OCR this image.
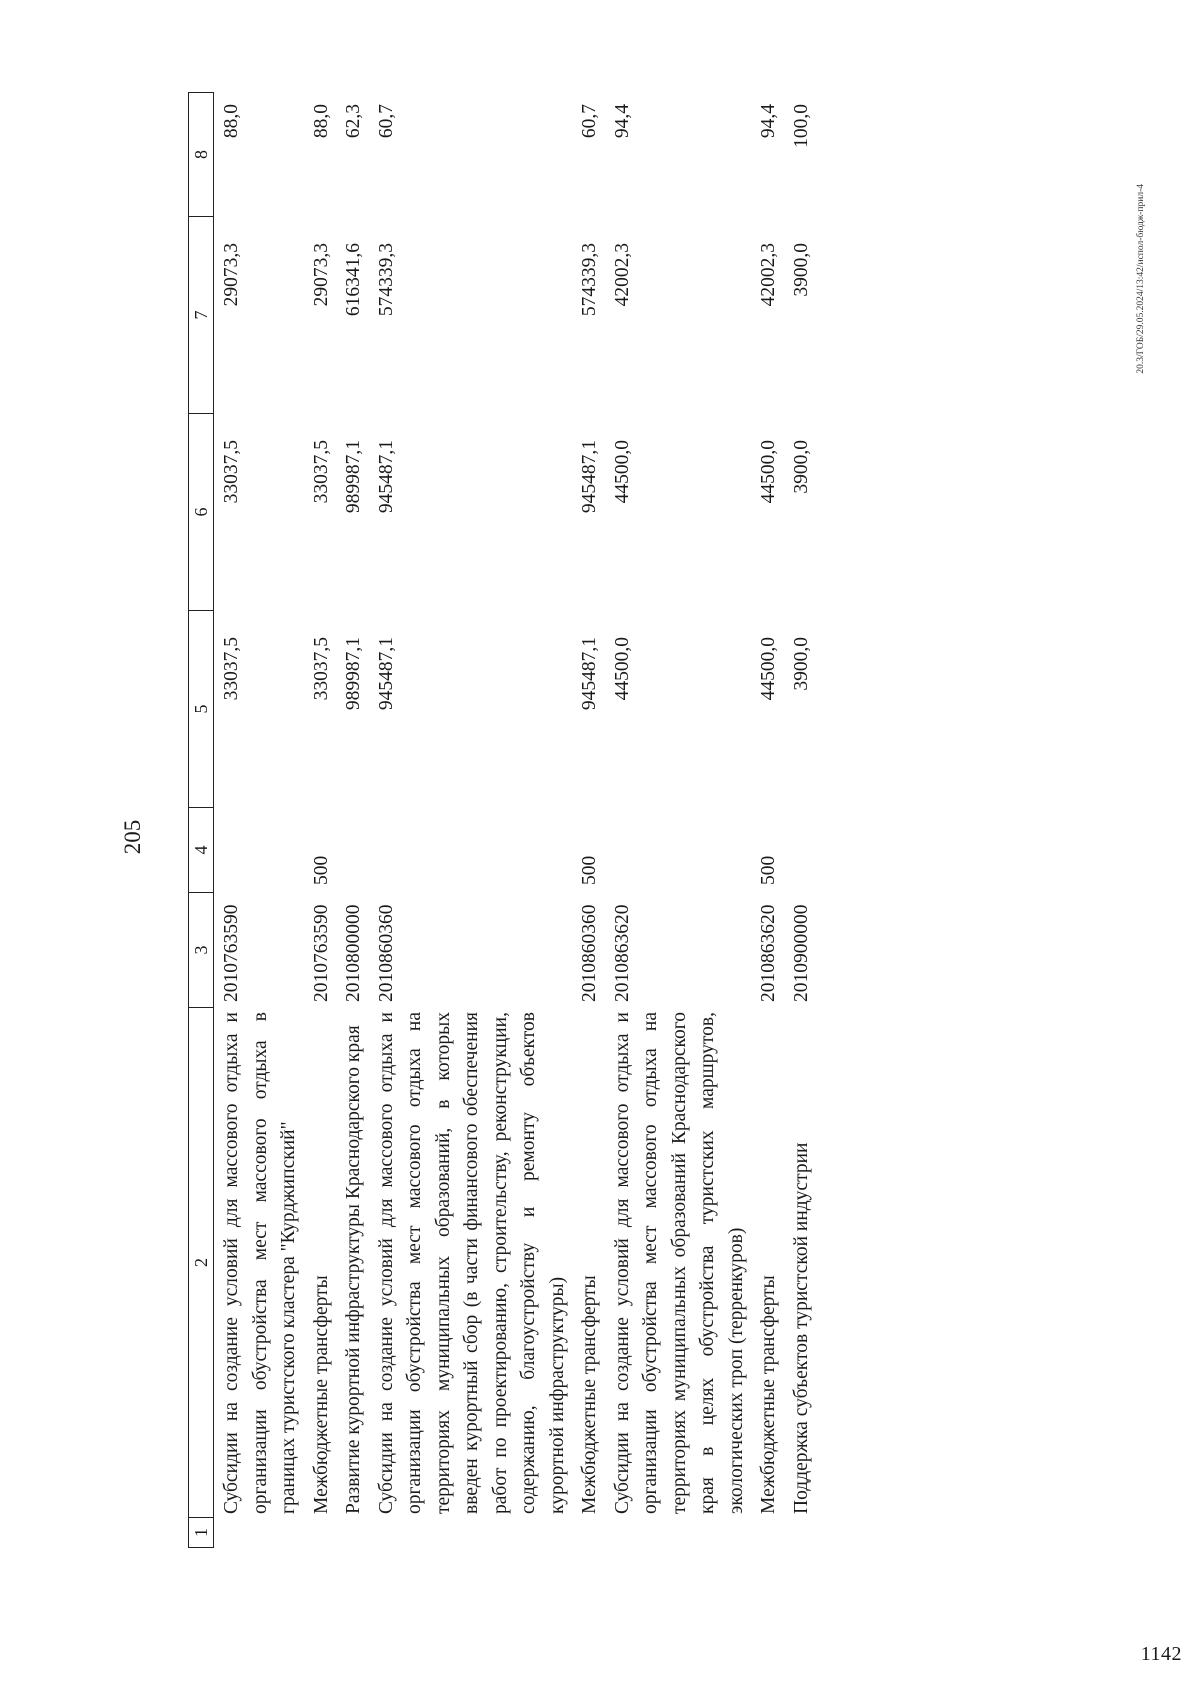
205
1
2
3
4
5
6
7
8
Субсидии на создание условий для массового отдыха и организации обустройства мест массового отдыха в границах туристского кластера "Курджипский"
2010763590
33037,5
33037,5
29073,3
88,0
Межбюджетные трансферты
2010763590
500
33037,5
33037,5
29073,3
88,0
Развитие курортной инфраструктуры Краснодарского края
2010800000
989987,1
989987,1
616341,6
62,3
Субсидии на создание условий для массового отдыха и организации обустройства мест массового отдыха на территориях муниципальных образований, в которых введен курортный сбор (в части финансового обеспечения работ по проектированию, строительству, реконструкции, содержанию, благоустройству и ремонту объектов курортной инфраструктуры)
2010860360
945487,1
945487,1
574339,3
60,7
Межбюджетные трансферты
2010860360
500
945487,1
945487,1
574339,3
60,7
Субсидии на создание условий для массового отдыха и организации обустройства мест массового отдыха на территориях муниципальных образований Краснодарского края в целях обустройства туристских маршрутов, экологических троп (терренкуров)
2010863620
44500,0
44500,0
42002,3
94,4
Межбюджетные трансферты
2010863620
500
44500,0
44500,0
42002,3
94,4
Поддержка субъектов туристской индустрии
2010900000
3900,0
3900,0
3900,0
100,0
20.3/ГОБ/29.05.2024/13:42/испол-бюдж-прил-4
1142
